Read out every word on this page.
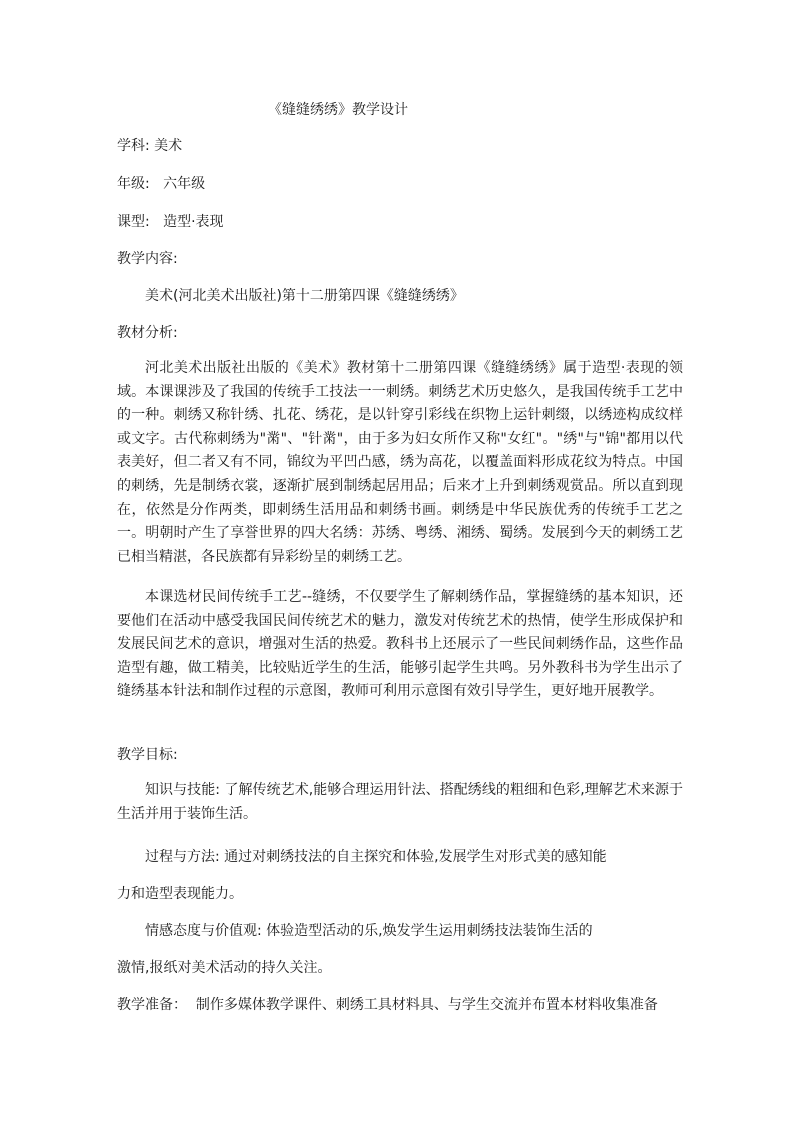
《缝缝绣绣》教学设计
学科: 美术
年级:   六年级
课型:   造型·表现
教学内容:
美术(河北美术出版社)第十二册第四课《缝缝绣绣》
教材分析:

河北美术出版社出版的《美术》教材第十二册第四课《缝缝绣绣》属于造型·表现的领域。本课课涉及了我国的传统手工技法一一刺绣。刺绣艺术历史悠久，是我国传统手工艺中的一种。刺绣又称针绣、扎花、绣花，是以针穿引彩线在织物上运针刺缀，以绣迹构成纹样或文字。古代称刺绣为"黹"、"针黹"，由于多为妇女所作又称"女红"。"绣"与"锦"都用以代表美好，但二者又有不同，锦纹为平凹凸感，绣为高花，以覆盖面料形成花纹为特点。中国的刺绣，先是制绣衣裳，逐渐扩展到制绣起居用品；后来才上升到刺绣观赏品。所以直到现在，依然是分作两类，即刺绣生活用品和刺绣书画。刺绣是中华民族优秀的传统手工艺之一。明朝时产生了享誉世界的四大名绣：苏绣、粤绣、湘绣、蜀绣。发展到今天的刺绣工艺已相当精湛，各民族都有异彩纷呈的刺绣工艺。

本课选材民间传统手工艺--缝绣，不仅要学生了解刺绣作品，掌握缝绣的基本知识，还要他们在活动中感受我国民间传统艺术的魅力，激发对传统艺术的热情，使学生形成保护和发展民间艺术的意识，增强对生活的热爱。教科书上还展示了一些民间刺绣作品，这些作品造型有趣，做工精美，比较贴近学生的生活，能够引起学生共鸣。另外教科书为学生出示了缝绣基本针法和制作过程的示意图，教师可利用示意图有效引导学生，更好地开展教学。

教学目标:

知识与技能: 了解传统艺术,能够合理运用针法、搭配绣线的粗细和色彩,理解艺术来源于生活并用于装饰生活。

过程与方法: 通过对刺绣技法的自主探究和体验,发展学生对形式美的感知能
力和造型表现能力。
情感态度与价值观: 体验造型活动的乐,焕发学生运用刺绣技法装饰生活的
激情,报纸对美术活动的持久关注。
教学准备：  制作多媒体教学课件、刺绣工具材料具、与学生交流并布置本材料收集准备
